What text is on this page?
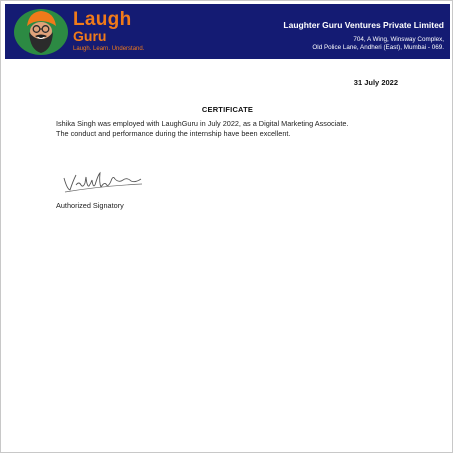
Laugh
Guru
Laugh. Learn. Understand.
Laughter Guru Ventures Private Limited
704, A Wing, Winsway Complex,
Old Police Lane, Andheri (East), Mumbai - 069.
31 July 2022
CERTIFICATE

Ishika Singh was employed with LaughGuru in July 2022, as a Digital Marketing Associate.

The conduct and performance during the internship have been excellent.

Authorized Signatory
